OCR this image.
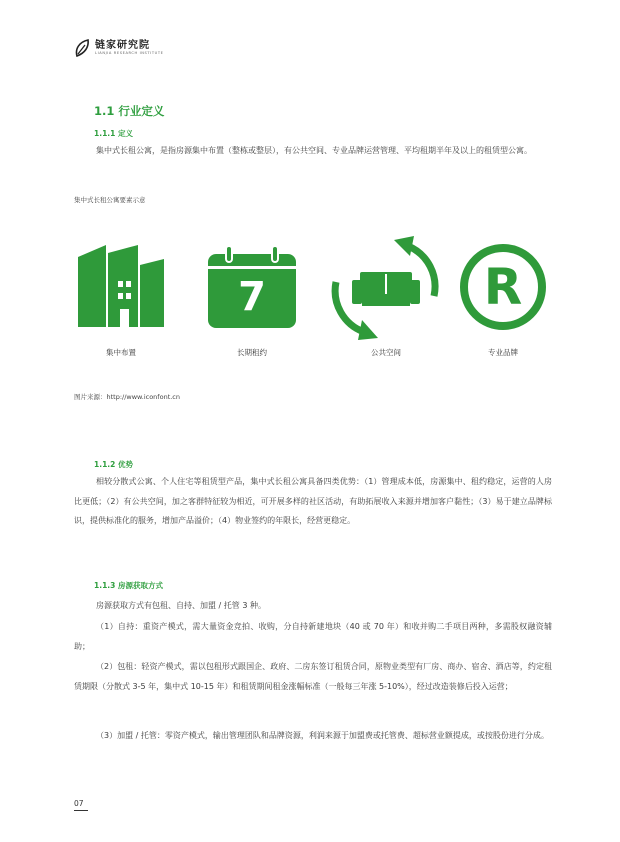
链家研究院
LIANJIA RESEARCH INSTITUTE
1.1 行业定义
1.1.1 定义

集中式长租公寓，是指房源集中布置（整栋或整层），有公共空间、专业品牌运营管理、平均租期半年及以上的租赁型公寓。

集中式长租公寓要素示意
集中布置
7
长期租约	公共空间
R
专业品牌
图片来源：http://www.iconfont.cn
1.1.2 优势

相较分散式公寓、个人住宅等租赁型产品，集中式长租公寓具备四类优势：（1）管理成本低，房源集中、租约稳定，运营的人房比更低；（2）有公共空间，加之客群特征较为相近，可开展多样的社区活动，有助拓展收入来源并增加客户黏性；（3）易于建立品牌标识，提供标准化的服务，增加产品溢价；（4）物业签约的年限长，经营更稳定。

1.1.3 房源获取方式

房源获取方式有包租、自持、加盟 / 托管 3 种。

（1）自持：重资产模式，需大量资金竞拍、收购，分自持新建地块（40 或 70 年）和收并购二手项目两种，多需股权融资辅助；

（2）包租：轻资产模式，需以包租形式跟国企、政府、二房东签订租赁合同，原物业类型有厂房、商办、宿舍、酒店等，约定租赁期限（分散式 3-5 年，集中式 10-15 年）和租赁期间租金涨幅标准（一般每三年涨 5-10%），经过改造装修后投入运营；

（3）加盟 / 托管：零资产模式，输出管理团队和品牌资源，利润来源于加盟费或托管费、超标营业额提成，或按股份进行分成。

07
